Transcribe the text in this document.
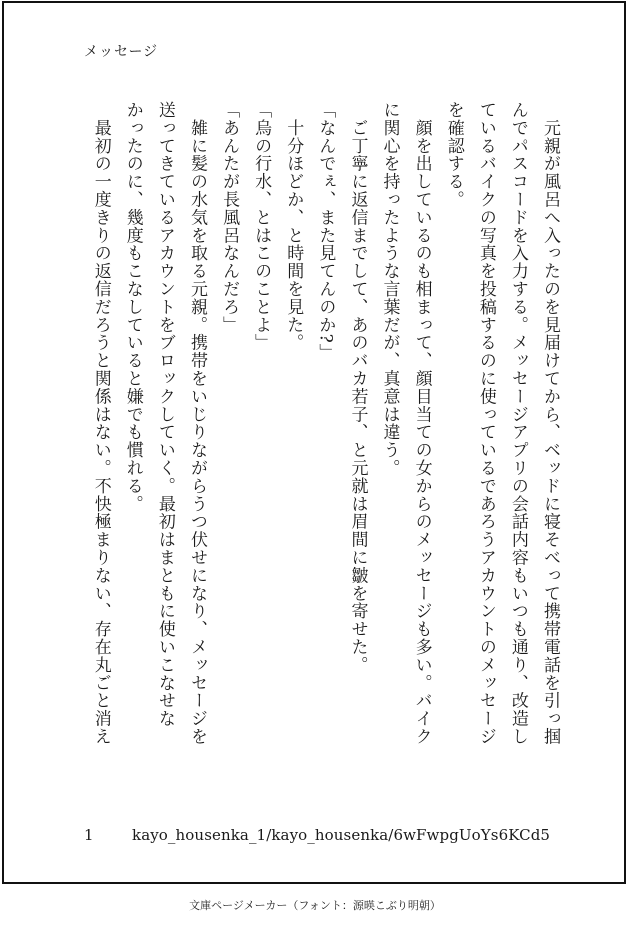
メッセージ
　元親が風呂へ入ったのを見届けてから、ベッドに寝そべって携帯電話を引っ掴
んでパスコードを入力する。メッセージアプリの会話内容もいつも通り、改造し
ているバイクの写真を投稿するのに使っているであろうアカウントのメッセージ
を確認する。
　顔を出しているのも相まって、顔目当ての女からのメッセージも多い。バイク
に関心を持ったような言葉だが、真意は違う。
　ご丁寧に返信までして、あのバカ若子、と元就は眉間に皺を寄せた。
「なんでぇ、また見てんのか?」
　十分ほどか、と時間を見た。
「烏の行水、とはこのことよ」
「あんたが長風呂なんだろ」
　雑に髪の水気を取る元親。携帯をいじりながらうつ伏せになり、メッセージを
送ってきているアカウントをブロックしていく。最初はまともに使いこなせな
かったのに、幾度もこなしていると嫌でも慣れる。
　最初の一度きりの返信だろうと関係はない。不快極まりない、存在丸ごと消え
1	kayo_housenka_1/kayo_housenka/6wFwpgUoYs6KCd5
文庫ページメーカー（フォント：源暎こぶり明朝）
